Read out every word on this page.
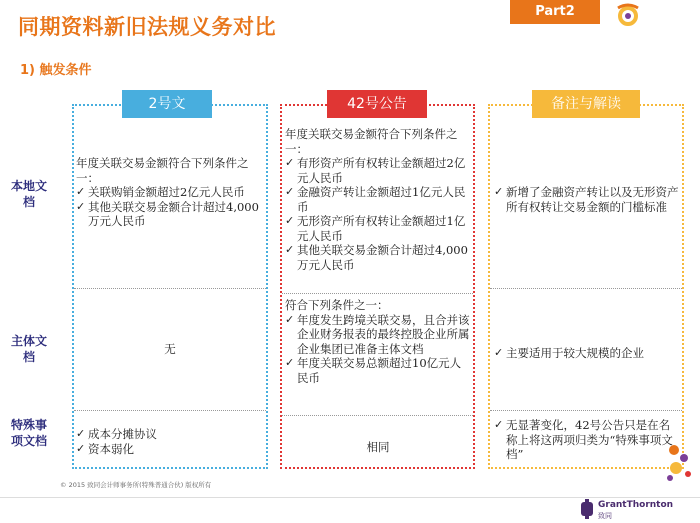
同期资料新旧法规义务对比
Part2
1) 触发条件
2号文	42号公告	备注与解读
本地文档
主体文档
特殊事项文档
年度关联交易金额符合下列条件之一：
✓ 关联购销金额超过2亿元人民币
✓ 其他关联交易金额合计超过4,000万元人民币
无
✓ 成本分摊协议
✓ 资本弱化
年度关联交易金额符合下列条件之一：
✓ 有形资产所有权转让金额超过2亿元人民币
✓ 金融资产转让金额超过1亿元人民币
✓ 无形资产所有权转让金额超过1亿元人民币
✓ 其他关联交易金额合计超过4,000万元人民币
符合下列条件之一：
✓ 年度发生跨境关联交易，且合并该企业财务报表的最终控股企业所属企业集团已准备主体文档
✓ 年度关联交易总额超过10亿元人民币
相同
✓ 新增了金融资产转让以及无形资产所有权转让交易金额的门槛标准
✓ 主要适用于较大规模的企业
✓ 无显著变化，42号公告只是在名称上将这两项归类为“特殊事项文档”
© 2015 致同会计师事务所(特殊普通合伙) 版权所有
GrantThornton
致同
